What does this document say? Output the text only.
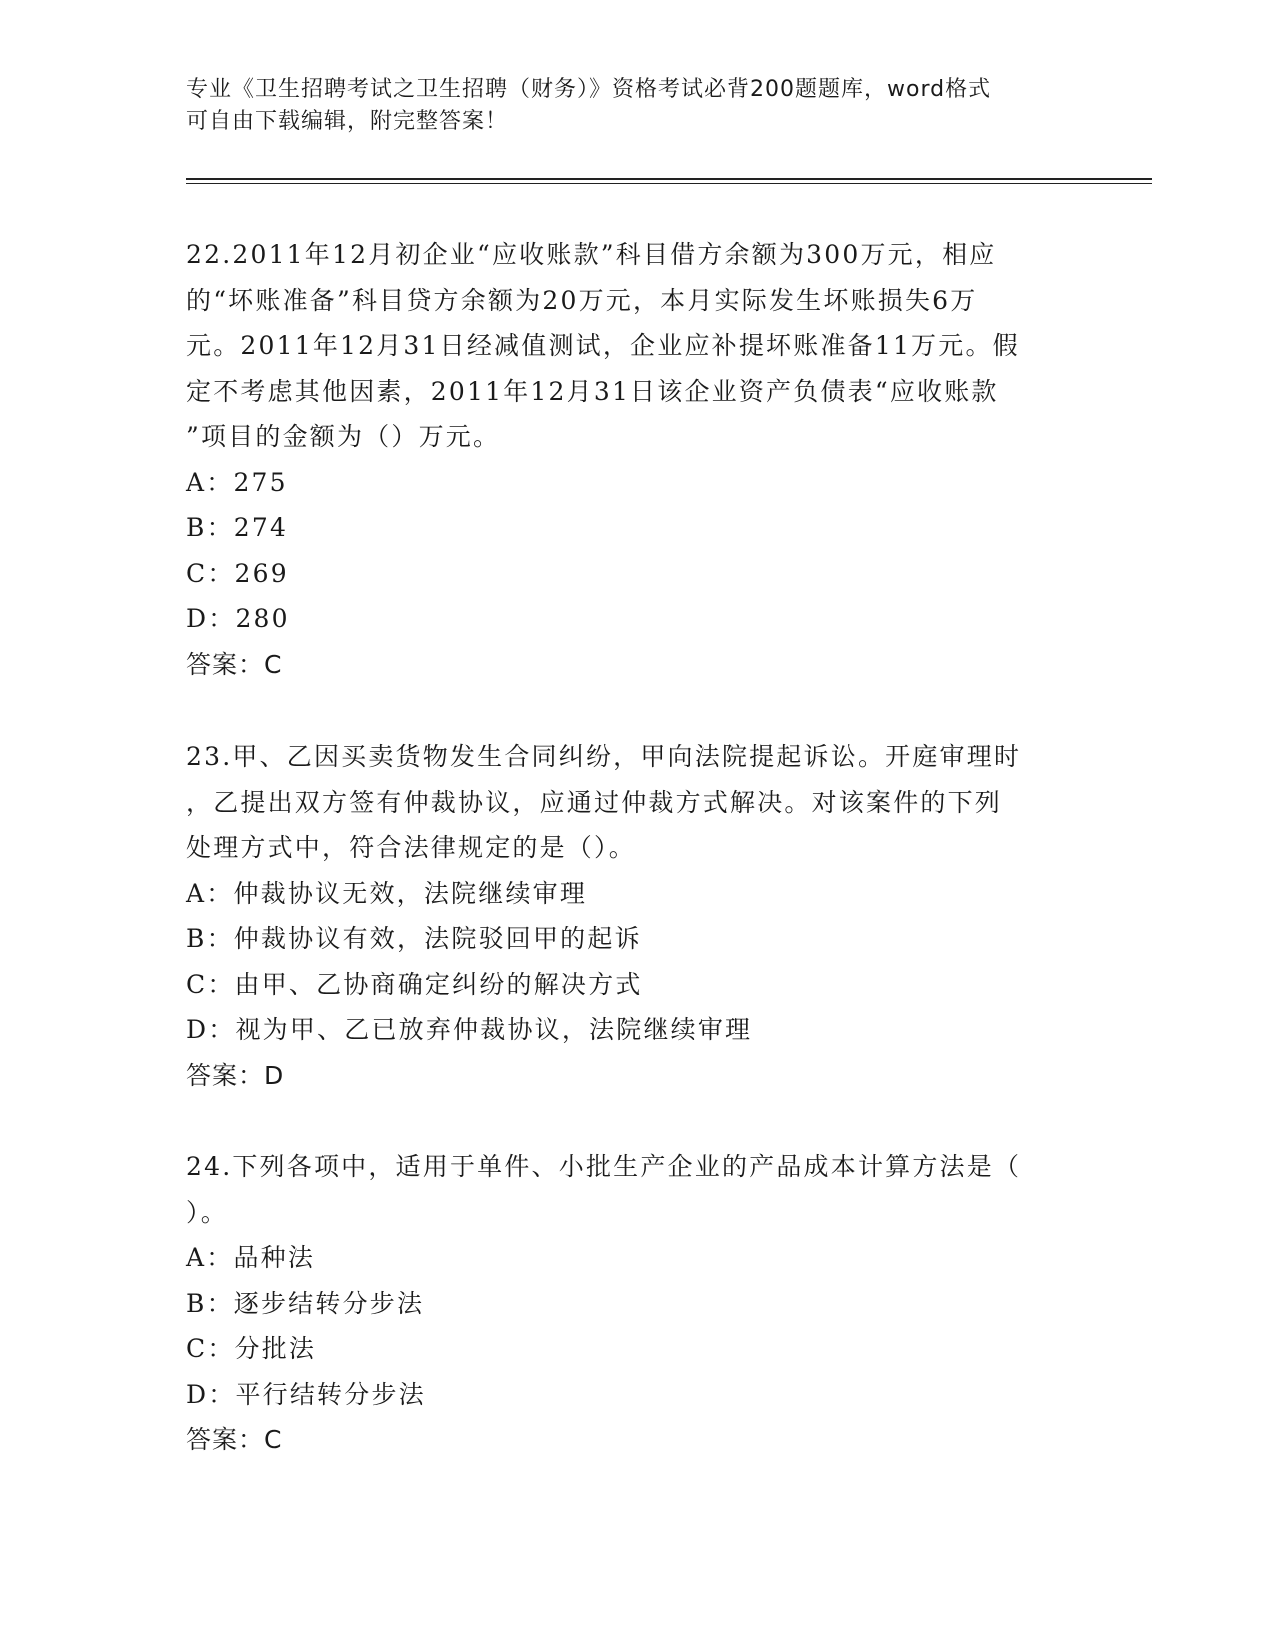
专业《卫生招聘考试之卫生招聘（财务）》资格考试必背200题题库，word格式
可自由下载编辑，附完整答案！

22.2011年12月初企业“应收账款”科目借方余额为300万元，相应

的“坏账准备”科目贷方余额为20万元，本月实际发生坏账损失6万

元。2011年12月31日经减值测试，企业应补提坏账准备11万元。假

定不考虑其他因素，2011年12月31日该企业资产负债表“应收账款

”项目的金额为（）万元。

A：275

B：274

C：269

D：280

答案：C

23.甲、乙因买卖货物发生合同纠纷，甲向法院提起诉讼。开庭审理时

，乙提出双方签有仲裁协议，应通过仲裁方式解决。对该案件的下列

处理方式中，符合法律规定的是（）。

A：仲裁协议无效，法院继续审理

B：仲裁协议有效，法院驳回甲的起诉

C：由甲、乙协商确定纠纷的解决方式

D：视为甲、乙已放弃仲裁协议，法院继续审理

答案：D

24.下列各项中，适用于单件、小批生产企业的产品成本计算方法是（

）。

A：品种法

B：逐步结转分步法

C：分批法

D：平行结转分步法

答案：C
